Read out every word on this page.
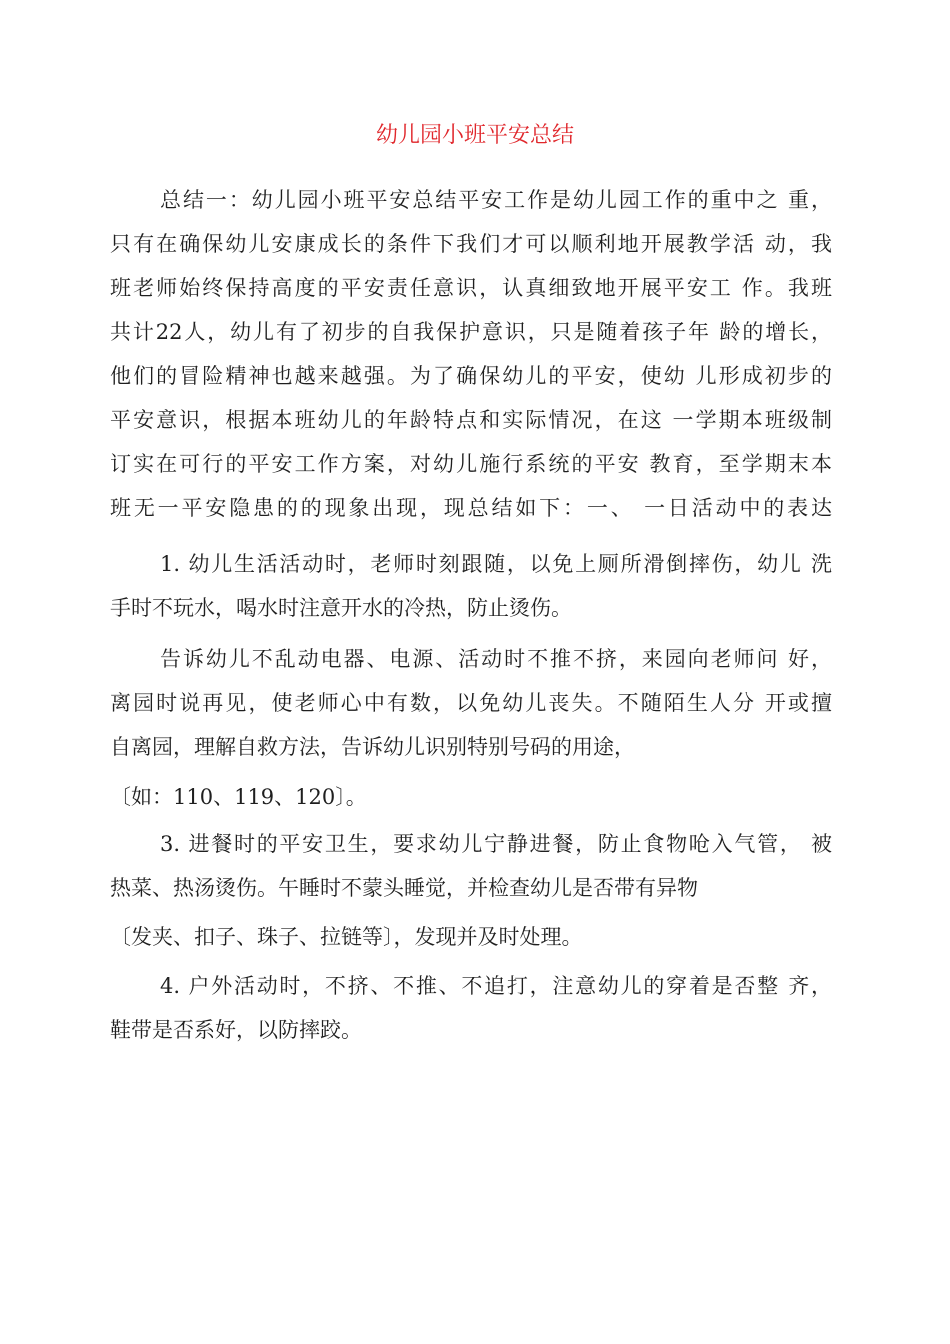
幼儿园小班平安总结
总结一：幼儿园小班平安总结平安工作是幼儿园工作的重中之 重，
只有在确保幼儿安康成长的条件下我们才可以顺利地开展教学活 动，我
班老师始终保持高度的平安责任意识，认真细致地开展平安工 作。我班
共计22人，幼儿有了初步的自我保护意识，只是随着孩子年 龄的增长，
他们的冒险精神也越来越强。为了确保幼儿的平安，使幼 儿形成初步的
平安意识，根据本班幼儿的年龄特点和实际情况，在这 一学期本班级制
订实在可行的平安工作方案，对幼儿施行系统的平安 教育，至学期末本
班无一平安隐患的的现象出现，现总结如下：一、 一日活动中的表达
1. 幼儿生活活动时，老师时刻跟随，以免上厕所滑倒摔伤，幼儿 洗
手时不玩水，喝水时注意开水的冷热，防止烫伤。
告诉幼儿不乱动电器、电源、活动时不推不挤，来园向老师问 好，
离园时说再见，使老师心中有数，以免幼儿丧失。不随陌生人分 开或擅
自离园，理解自救方法，告诉幼儿识别特别号码的用途，
〔如：110、119、120〕。
3. 进餐时的平安卫生，要求幼儿宁静进餐，防止食物呛入气管， 被
热菜、热汤烫伤。午睡时不蒙头睡觉，并检查幼儿是否带有异物
〔发夹、扣子、珠子、拉链等〕，发现并及时处理。
4. 户外活动时，不挤、不推、不追打，注意幼儿的穿着是否整 齐，
鞋带是否系好，以防摔跤。
